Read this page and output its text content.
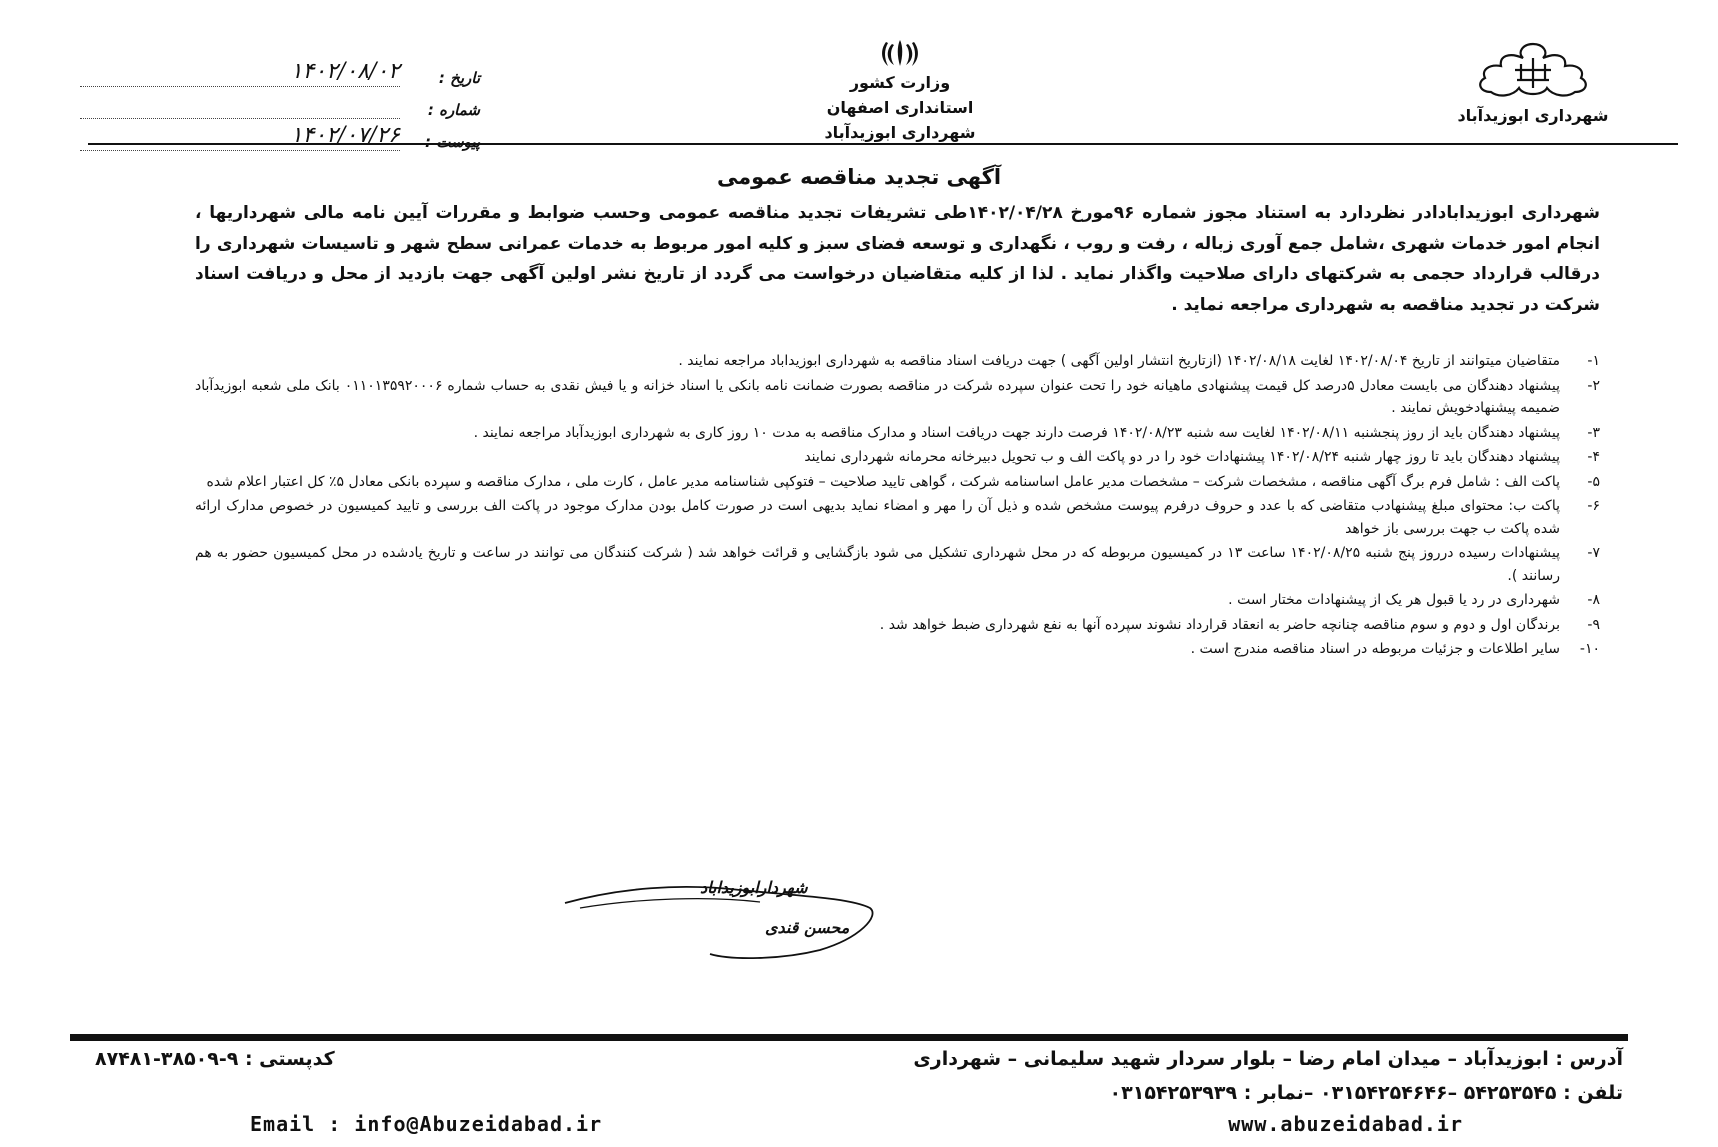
شهرداری ابوزیدآباد
وزارت کشور
استانداری اصفهان
شهرداری ابوزیدآباد
تاریخ :
۱۴۰۲/۰۸/۰۲
شماره :
پیوست :
۱۴۰۲/۰۷/۲۶
آگهی تجدید مناقصه عمومی
شهرداری ابوزیدابادادر نظردارد به استناد مجوز شماره ۹۶مورخ ۱۴۰۲/۰۴/۲۸طی تشریفات تجدید مناقصه عمومی وحسب ضوابط و مقررات آیین نامه مالی شهرداریها ، انجام امور خدمات شهری ،شامل جمع آوری زباله ، رفت و روب ، نگهداری و توسعه فضای سبز و کلیه امور مربوط به خدمات عمرانی سطح شهر و تاسیسات شهرداری را درقالب قرارداد حجمی به شرکتهای دارای صلاحیت واگذار نماید . لذا از کلیه متقاضیان درخواست می گردد از تاریخ نشر اولین آگهی جهت بازدید از محل و دریافت اسناد شرکت در تجدید مناقصه به شهرداری مراجعه نماید .
۱-
متقاضیان میتوانند از تاریخ ۱۴۰۲/۰۸/۰۴ لغایت ۱۴۰۲/۰۸/۱۸ (ازتاریخ انتشار اولین آگهی ) جهت دریافت اسناد مناقصه به شهرداری ابوزیداباد مراجعه نمایند .
۲-
پیشنهاد دهندگان می بایست معادل ۵درصد کل قیمت پیشنهادی ماهیانه خود را تحت عنوان سپرده شرکت در مناقصه بصورت ضمانت نامه بانکی یا اسناد خزانه و یا فیش نقدی به حساب شماره ۰۱۱۰۱۳۵۹۲۰۰۰۶ بانک ملی شعبه ابوزیدآباد ضمیمه پیشنهادخویش نمایند .
۳-
پیشنهاد دهندگان باید از روز پنجشنبه ۱۴۰۲/۰۸/۱۱ لغایت سه شنبه ۱۴۰۲/۰۸/۲۳ فرصت دارند جهت دریافت اسناد و مدارک مناقصه به مدت ۱۰ روز کاری به شهرداری ابوزیدآباد مراجعه نمایند .
۴-
پیشنهاد دهندگان باید تا روز چهار شنبه ۱۴۰۲/۰۸/۲۴ پیشنهادات خود را در دو پاکت الف و ب تحویل دبیرخانه محرمانه شهرداری نمایند
۵-
پاکت الف : شامل فرم برگ آگهی مناقصه ، مشخصات شرکت – مشخصات مدیر عامل اساسنامه شرکت ، گواهی تایید صلاحیت – فتوکپی شناسنامه مدیر عامل ، کارت ملی ، مدارک مناقصه و سپرده بانکی معادل ۵٪ کل اعتبار اعلام شده
۶-
پاکت ب: محتوای مبلغ پیشنهادب متقاضی که با عدد و حروف درفرم پیوست مشخص شده و ذیل آن را مهر و امضاء نماید بدیهی است در صورت کامل بودن مدارک موجود در پاکت الف بررسی و تایید کمیسیون در خصوص مدارک ارائه شده پاکت ب جهت بررسی باز خواهد
۷-
پیشنهادات رسیده درروز پنج شنبه ۱۴۰۲/۰۸/۲۵ ساعت ۱۳ در کمیسیون مربوطه که در محل شهرداری تشکیل می شود بازگشایی و قرائت خواهد شد ( شرکت کنندگان می توانند در ساعت و تاریخ یادشده در محل کمیسیون حضور به هم رسانند ).
۸-
شهرداری در رد یا قبول هر یک از پیشنهادات مختار است .
۹-
برندگان اول و دوم و سوم مناقصه چنانچه حاضر به انعقاد قرارداد نشوند سپرده آنها به نفع شهرداری ضبط خواهد شد .
۱۰-
سایر اطلاعات و جزئیات مربوطه در اسناد مناقصه مندرج است .
شهردارابوزیداباد
محسن قندی
آدرس : ابوزیدآباد – میدان امام رضا – بلوار سردار شهید سلیمانی – شهرداری
کدپستی : ۹-۳۸۵۰۹-۸۷۴۸۱
تلفن : ۵۴۲۵۳۵۴۵ –۰۳۱۵۴۲۵۴۶۴۶ –نمابر : ۰۳۱۵۴۲۵۳۹۳۹
Email : info@Abuzeidabad.ir	www.abuzeidabad.ir
